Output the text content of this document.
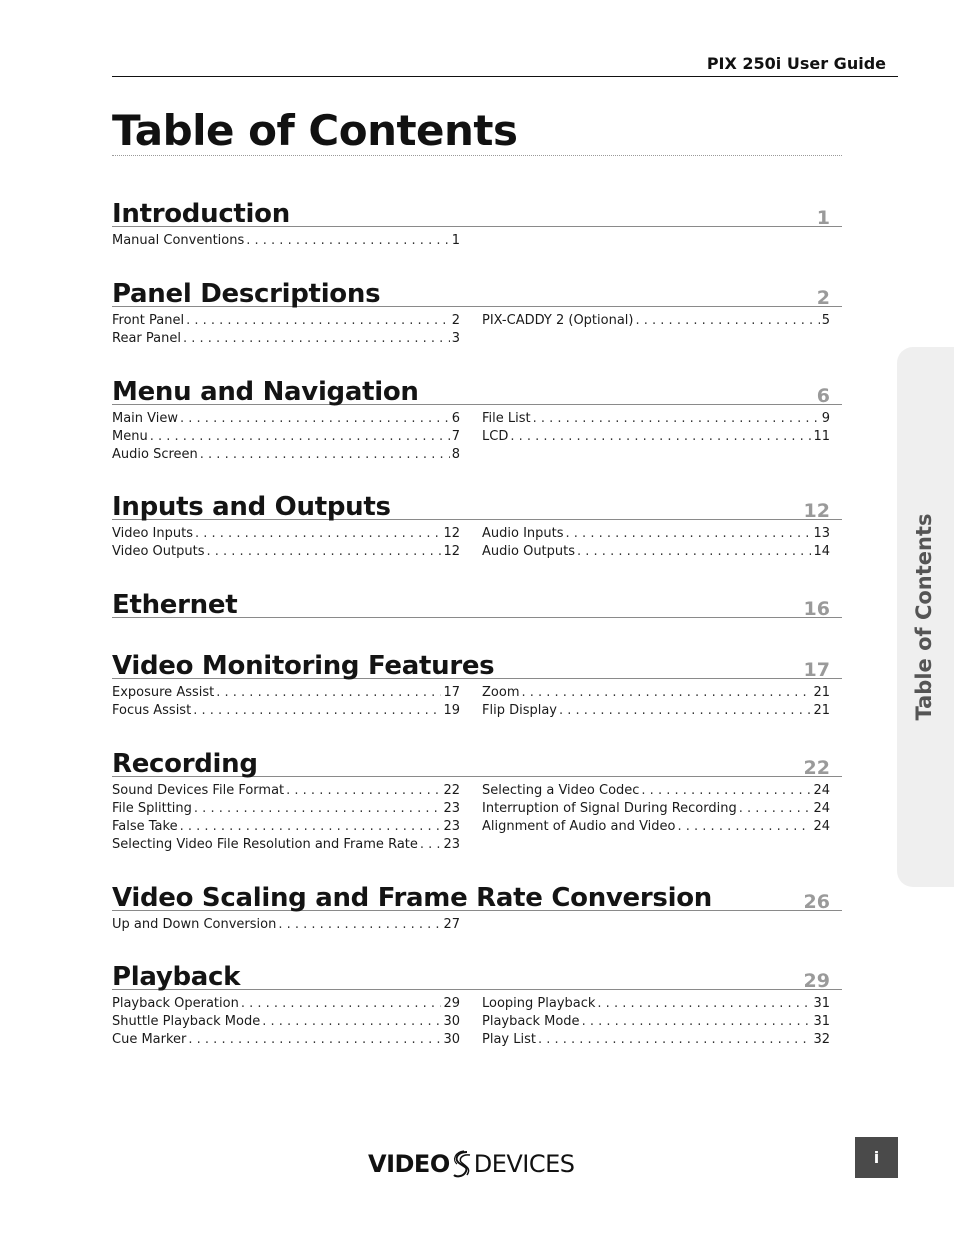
PIX 250i User Guide
Table of Contents
Introduction	1
Manual Conventions . . .	1
Panel Descriptions	2
Front Panel . . .	2
Rear Panel . . .	3
PIX-CADDY 2 (Optional) . . .	5
Menu and Navigation	6
Main View . . .	6
Menu . . .	7
Audio Screen . . .	8
File List . . .	9
LCD . . .	11
Inputs and Outputs	12
Video Inputs . . .	12
Video Outputs . . .	12
Audio Inputs . . .	13
Audio Outputs . . .	14
Ethernet	16
Video Monitoring Features	17
Exposure Assist . . .	17
Focus Assist . . .	19
Zoom . . .	21
Flip Display . . .	21
Recording	22
Sound Devices File Format . . .	22
File Splitting . . .	23
False Take . . .	23
Selecting Video File Resolution and Frame Rate . . . 23
Selecting a Video Codec . . .	24
Interruption of Signal During Recording . . .	24
Alignment of Audio and Video . . .	24
Video Scaling and Frame Rate Conversion	26
Up and Down Conversion . . .	27
Playback	29
Playback Operation . . .	29
Shuttle Playback Mode . . .	30
Cue Marker . . .	30
Looping Playback . . .	31
Playback Mode . . .	31
Play List . . .	32
Table of Contents
VIDEO DEVICES	i
